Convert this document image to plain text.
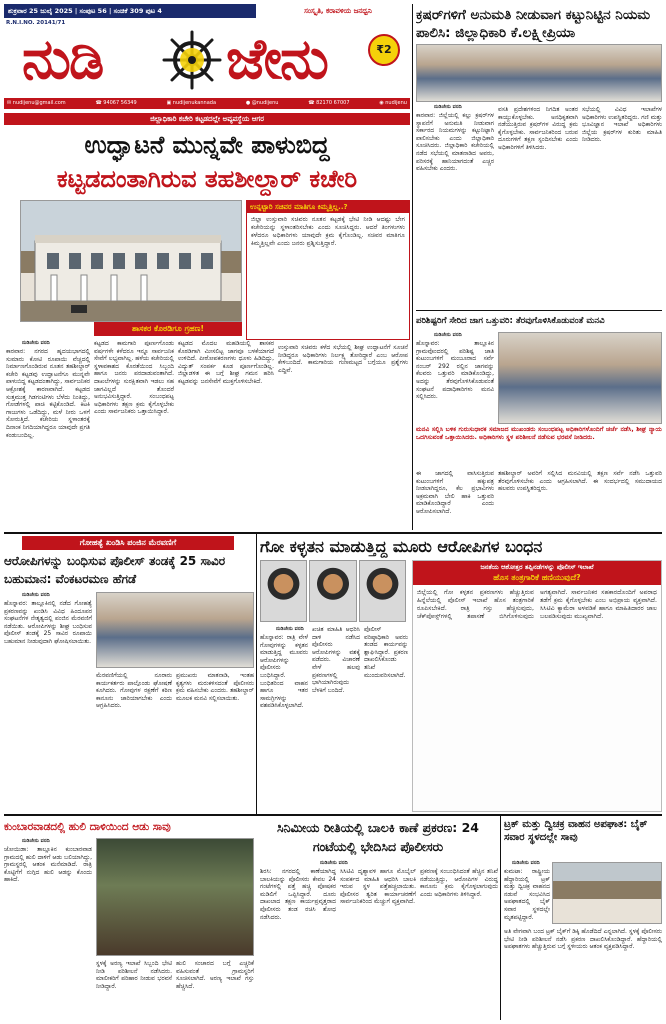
ಶುಕ್ರವಾರ 25 ಜುಲೈ 2025 | ಸಂಪುಟ 56 | ಸಂಚಿಕೆ 309 ಪುಟ 4	ಸಂಸ್ಕೃತಿ, ಕರಾವಳಿಯ ಜನಧ್ವನಿ
R.N.I.NO. 20141/71
ನುಡಿ ಜೇನು	₹2
✉ nudijenu@gmail.com	☎ 94067 56349	▣ nudijenukannada	● @nudijenu	☎ 82170 67007	◉ nudijenu
ಜಿಲ್ಲಾಧಿಕಾರಿ ಕಚೇರಿ ಕಟ್ಟಡದಲ್ಲೇ ಅವ್ಯವಸ್ಥೆಯ ಆಗರ
ಉದ್ಘಾಟನೆ ಮುನ್ನವೇ ಪಾಳುಬಿದ್ದ
ಕಟ್ಟಡದಂತಾಗಿರುವ ತಹಶೀಲ್ದಾರ್ ಕಚೇರಿ
ಶಾಸಕರ ಕೊಠಡಿಗೂ ಗ್ರಹಣ!
ಉನ್ನಟ್ಟಾರಿ ಸಚಿವರ ಮಾತಿಗೂ ಕಿಮ್ಮತ್ತಿಲ್ಲ..?
ಜಿಲ್ಲಾ ಉಸ್ತುವಾರಿ ಸಚಿವರು ನೂತನ ಕಟ್ಟಡಕ್ಕೆ ಭೇಟಿ ನೀಡಿ ಆದಷ್ಟು ಬೇಗ ಕಚೇರಿಯನ್ನು ಸ್ಥಳಾಂತರಿಸಬೇಕು ಎಂದು ಸೂಚಿಸಿದ್ದರು. ಆದರೆ ತಿಂಗಳುಗಳು ಕಳೆದರೂ ಅಧಿಕಾರಿಗಳು ಯಾವುದೇ ಕ್ರಮ ಕೈಗೊಂಡಿಲ್ಲ. ಸಚಿವರ ಮಾತಿಗೂ ಕಿಮ್ಮತ್ತಿಲ್ಲವೇ ಎಂದು ಜನರು ಪ್ರಶ್ನಿಸುತ್ತಿದ್ದಾರೆ.
ನುಡಿಜೇನು ವರದಿ
ಕಾರವಾರ: ನಗರದ ಹೃದಯಭಾಗದಲ್ಲಿ ಸುಮಾರು ಕೋಟಿ ರೂಪಾಯಿ ವೆಚ್ಚದಲ್ಲಿ ನಿರ್ಮಾಣಗೊಂಡಿರುವ ನೂತನ ತಹಶೀಲ್ದಾರ್ ಕಚೇರಿ ಕಟ್ಟಡವು ಉದ್ಘಾಟನೆಗೂ ಮುನ್ನವೇ ಪಾಳುಬಿದ್ದ ಕಟ್ಟಡದಂತಾಗಿದ್ದು, ಸಾರ್ವಜನಿಕರ ಆಕ್ರೋಶಕ್ಕೆ ಕಾರಣವಾಗಿದೆ. ಕಟ್ಟಡದ ಸುತ್ತಮುತ್ತ ಗಿಡಗಂಟಿಗಳು ಬೆಳೆದು ನಿಂತಿದ್ದು, ಗೋಡೆಗಳಲ್ಲಿ ಪಾಚಿ ಕಟ್ಟಿಕೊಂಡಿದೆ. ಕಿಟಕಿ ಗಾಜುಗಳು ಒಡೆದಿದ್ದು, ಮಳೆ ನೀರು ಒಳಗೆ ಸೋರುತ್ತಿದೆ. ಕಚೇರಿಯ ಸ್ಥಳಾಂತರಕ್ಕೆ ದಿನಾಂಕ ನಿಗದಿಯಾಗಿದ್ದರೂ ಯಾವುದೇ ಪ್ರಗತಿ ಕಂಡುಬಂದಿಲ್ಲ.
ಕಟ್ಟಡದ ಕಾಮಗಾರಿ ಪೂರ್ಣಗೊಂಡು ವರ್ಷಗಳೇ ಕಳೆದರೂ ಇನ್ನೂ ಸಾರ್ವಜನಿಕ ಸೇವೆಗೆ ಲಭ್ಯವಾಗಿಲ್ಲ. ಹಳೆಯ ಕಚೇರಿಯಲ್ಲಿ ಸ್ಥಳಾವಕಾಶದ ಕೊರತೆಯಿಂದ ಸಿಬ್ಬಂದಿ ಹಾಗೂ ಜನರು ಪರದಾಡುವಂತಾಗಿದೆ. ದಾಖಲೆಗಳನ್ನು ಸುರಕ್ಷಿತವಾಗಿ ಇಡಲು ಸಹ ಜಾಗವಿಲ್ಲದೆ ತೊಂದರೆ ಅನುಭವಿಸುತ್ತಿದ್ದಾರೆ. ಸಂಬಂಧಪಟ್ಟ ಅಧಿಕಾರಿಗಳು ತಕ್ಷಣ ಕ್ರಮ ಕೈಗೊಳ್ಳಬೇಕು ಎಂದು ಸಾರ್ವಜನಿಕರು ಒತ್ತಾಯಿಸಿದ್ದಾರೆ.
ಕಟ್ಟಡದ ಮೊದಲ ಮಹಡಿಯಲ್ಲಿ ಶಾಸಕರ ಕೊಠಡಿಗಾಗಿ ಮೀಸಲಿಟ್ಟ ಜಾಗವೂ ಬಳಕೆಯಾಗದೆ ಉಳಿದಿದೆ. ಪೀಠೋಪಕರಣಗಳು ಧೂಳು ಹಿಡಿದಿದ್ದು, ವಿದ್ಯುತ್ ಸಂಪರ್ಕ ಕೂಡ ಪೂರ್ಣಗೊಂಡಿಲ್ಲ. ಜಿಲ್ಲಾಡಳಿತ ಈ ಬಗ್ಗೆ ಶೀಘ್ರ ಗಮನ ಹರಿಸಿ ಕಟ್ಟಡವನ್ನು ಜನಸೇವೆಗೆ ಮುಕ್ತಗೊಳಿಸಬೇಕಿದೆ.
ಉಸ್ತುವಾರಿ ಸಚಿವರು ಕಳೆದ ಸಭೆಯಲ್ಲಿ ಶೀಘ್ರ ಉದ್ಘಾಟನೆಗೆ ಸೂಚನೆ ನೀಡಿದ್ದರೂ ಅಧಿಕಾರಿಗಳು ನಿರ್ಲಕ್ಷ್ಯ ತೋರಿದ್ದಾರೆ ಎಂಬ ಆರೋಪ ಕೇಳಿಬಂದಿದೆ. ಕಾಮಗಾರಿಯ ಗುಣಮಟ್ಟದ ಬಗ್ಗೆಯೂ ಪ್ರಶ್ನೆಗಳು ಎದ್ದಿವೆ.
ಕ್ರಷರ್‌ಗಳಿಗೆ ಅನುಮತಿ ನೀಡುವಾಗ ಕಟ್ಟುನಿಟ್ಟಿನ ನಿಯಮ ಪಾಲಿಸಿ: ಜಿಲ್ಲಾಧಿಕಾರಿ ಕೆ.ಲಕ್ಷ್ಮೀಪ್ರಿಯಾ
ನುಡಿಜೇನು ವರದಿ
ಕಾರವಾರ: ಜಿಲ್ಲೆಯಲ್ಲಿ ಕಲ್ಲು ಕ್ರಷರ್‌ಗಳ ಸ್ಥಾಪನೆಗೆ ಅನುಮತಿ ನೀಡುವಾಗ ಸರ್ಕಾರದ ನಿಯಮಗಳನ್ನು ಕಟ್ಟುನಿಟ್ಟಾಗಿ ಪಾಲಿಸಬೇಕು ಎಂದು ಜಿಲ್ಲಾಧಿಕಾರಿ ಸೂಚಿಸಿದರು. ಜಿಲ್ಲಾಧಿಕಾರಿ ಕಚೇರಿಯಲ್ಲಿ ನಡೆದ ಸಭೆಯಲ್ಲಿ ಮಾತನಾಡಿದ ಅವರು, ಪರಿಸರಕ್ಕೆ ಹಾನಿಯಾಗದಂತೆ ಎಚ್ಚರ ವಹಿಸಬೇಕು ಎಂದರು.
ವಸತಿ ಪ್ರದೇಶಗಳಿಂದ ನಿಗದಿತ ಅಂತರ ಕಾಯ್ದುಕೊಳ್ಳಬೇಕು. ಅನಧಿಕೃತವಾಗಿ ನಡೆಯುತ್ತಿರುವ ಕ್ರಷರ್‌ಗಳ ವಿರುದ್ಧ ಕ್ರಮ ಕೈಗೊಳ್ಳಬೇಕು. ಸಾರ್ವಜನಿಕರಿಂದ ಬರುವ ದೂರುಗಳಿಗೆ ತಕ್ಷಣ ಸ್ಪಂದಿಸಬೇಕು ಎಂದು ಅಧಿಕಾರಿಗಳಿಗೆ ತಿಳಿಸಿದರು.
ಸಭೆಯಲ್ಲಿ ವಿವಿಧ ಇಲಾಖೆಗಳ ಅಧಿಕಾರಿಗಳು ಉಪಸ್ಥಿತರಿದ್ದರು. ಗಣಿ ಮತ್ತು ಭೂವಿಜ್ಞಾನ ಇಲಾಖೆ ಅಧಿಕಾರಿಗಳು ಜಿಲ್ಲೆಯ ಕ್ರಷರ್‌ಗಳ ಕುರಿತು ಮಾಹಿತಿ ನೀಡಿದರು.
ಪರಿಶಿಷ್ಟರಿಗೆ ಸೇರಿದ ಜಾಗ ಒತ್ತುವರಿ: ತೆರವುಗೊಳಿಸಿಕೊಡುವಂತೆ ಮನವಿ
ನುಡಿಜೇನು ವರದಿ
ಹೊನ್ನಾವರ: ತಾಲ್ಲೂಕಿನ ಗ್ರಾಮವೊಂದರಲ್ಲಿ ಪರಿಶಿಷ್ಟ ಜಾತಿ ಕುಟುಂಬಗಳಿಗೆ ಮಂಜೂರಾದ ಸರ್ವೆ ನಂಬರ್ 292 ರಲ್ಲಿನ ಜಾಗವನ್ನು ಕೆಲವರು ಒತ್ತುವರಿ ಮಾಡಿಕೊಂಡಿದ್ದು, ಅದನ್ನು ತೆರವುಗೊಳಿಸಿಕೊಡುವಂತೆ ಸಂಘಟನೆ ಪದಾಧಿಕಾರಿಗಳು ಮನವಿ ಸಲ್ಲಿಸಿದರು.
ಮನವಿ ಸಲ್ಲಿಸಿ ಬಳಿಕ ಗುರುಸುಧಾರಕ ಸಮಾಜದ ಮುಖಂಡರು ಸಂಬಂಧಪಟ್ಟ ಅಧಿಕಾರಿಗಳೊಂದಿಗೆ ಚರ್ಚೆ ನಡೆಸಿ, ಶೀಘ್ರ ನ್ಯಾಯ ಒದಗಿಸುವಂತೆ ಒತ್ತಾಯಿಸಿದರು. ಅಧಿಕಾರಿಗಳು ಸ್ಥಳ ಪರಿಶೀಲನೆ ನಡೆಸುವ ಭರವಸೆ ನೀಡಿದರು.
ಈ ಜಾಗದಲ್ಲಿ ವಾಸಿಸುತ್ತಿರುವ ಕುಟುಂಬಗಳಿಗೆ ಹಕ್ಕುಪತ್ರ ನೀಡಲಾಗಿದ್ದರೂ, ಕೆಲ ಪ್ರಭಾವಿಗಳು ಅಕ್ರಮವಾಗಿ ಬೇಲಿ ಹಾಕಿ ಒತ್ತುವರಿ ಮಾಡಿಕೊಂಡಿದ್ದಾರೆ ಎಂದು ಆರೋಪಿಸಲಾಗಿದೆ.
ತಹಶೀಲ್ದಾರ್ ಅವರಿಗೆ ಸಲ್ಲಿಸಿದ ಮನವಿಯಲ್ಲಿ ತಕ್ಷಣ ಸರ್ವೆ ನಡೆಸಿ ಒತ್ತುವರಿ ತೆರವುಗೊಳಿಸಬೇಕು ಎಂದು ಆಗ್ರಹಿಸಲಾಗಿದೆ. ಈ ಸಂದರ್ಭದಲ್ಲಿ ಸಮುದಾಯದ ಹಲವರು ಉಪಸ್ಥಿತರಿದ್ದರು.
ಗೋಹತ್ಯೆ ಖಂಡಿಸಿ ಪಂಜಿನ ಮೆರವಣಿಗೆ
ಆರೋಪಿಗಳನ್ನು ಬಂಧಿಸುವ ಪೊಲೀಸ್ ತಂಡಕ್ಕೆ 25 ಸಾವಿರ ಬಹುಮಾನ: ವೆಂಕಟರಮಣ ಹೆಗಡೆ
ನುಡಿಜೇನು ವರದಿ
ಹೊನ್ನಾವರ: ತಾಲ್ಲೂಕಿನಲ್ಲಿ ನಡೆದ ಗೋಹತ್ಯೆ ಪ್ರಕರಣವನ್ನು ಖಂಡಿಸಿ ವಿವಿಧ ಹಿಂದೂಪರ ಸಂಘಟನೆಗಳ ನೇತೃತ್ವದಲ್ಲಿ ಪಂಜಿನ ಮೆರವಣಿಗೆ ನಡೆಯಿತು. ಆರೋಪಿಗಳನ್ನು ಶೀಘ್ರ ಬಂಧಿಸುವ ಪೊಲೀಸ್ ತಂಡಕ್ಕೆ 25 ಸಾವಿರ ರೂಪಾಯಿ ಬಹುಮಾನ ನೀಡುವುದಾಗಿ ಘೋಷಿಸಲಾಯಿತು.
ಮೆರವಣಿಗೆಯಲ್ಲಿ ನೂರಾರು ಕಾರ್ಯಕರ್ತರು ಪಾಲ್ಗೊಂಡು ಘೋಷಣೆ ಕೂಗಿದರು. ಗೋವುಗಳ ರಕ್ಷಣೆಗೆ ಕಠಿಣ ಕಾನೂನು ಜಾರಿಯಾಗಬೇಕು ಎಂದು ಆಗ್ರಹಿಸಿದರು.
ಪ್ರಮುಖರು ಮಾತನಾಡಿ, ಇಂತಹ ಕೃತ್ಯಗಳು ಮರುಕಳಿಸದಂತೆ ಪೊಲೀಸರು ಕ್ರಮ ವಹಿಸಬೇಕು ಎಂದರು. ತಹಶೀಲ್ದಾರ್ ಮೂಲಕ ಮನವಿ ಸಲ್ಲಿಸಲಾಯಿತು.
ಗೋ ಕಳ್ಳತನ ಮಾಡುತ್ತಿದ್ದ ಮೂರು ಆರೋಪಿಗಳ ಬಂಧನ
ನುಡಿಜೇನು ವರದಿ
ಹೊನ್ನಾವರ: ರಾತ್ರಿ ವೇಳೆ ಗೋವುಗಳನ್ನು ಕಳ್ಳತನ ಮಾಡುತ್ತಿದ್ದ ಮೂವರು ಆರೋಪಿಗಳನ್ನು ಪೊಲೀಸರು ಬಂಧಿಸಿದ್ದಾರೆ. ಬಂಧಿತರಿಂದ ವಾಹನ ಹಾಗೂ ಇತರ ಸಾಮಗ್ರಿಗಳನ್ನು ವಶಪಡಿಸಿಕೊಳ್ಳಲಾಗಿದೆ.
ಖಚಿತ ಮಾಹಿತಿ ಆಧರಿಸಿ ದಾಳಿ ನಡೆಸಿದ ಪೊಲೀಸರು ಆರೋಪಿಗಳನ್ನು ವಶಕ್ಕೆ ಪಡೆದರು. ವಿಚಾರಣೆ ವೇಳೆ ಹಲವು ಪ್ರಕರಣಗಳಲ್ಲಿ ಭಾಗಿಯಾಗಿರುವುದು ಬೆಳಕಿಗೆ ಬಂದಿದೆ.
ಪೊಲೀಸ್ ವರಿಷ್ಠಾಧಿಕಾರಿ ಅವರು ತಂಡದ ಕಾರ್ಯವನ್ನು ಶ್ಲಾಘಿಸಿದ್ದಾರೆ. ಪ್ರಕರಣ ದಾಖಲಿಸಿಕೊಂಡು ತನಿಖೆ ಮುಂದುವರಿಸಲಾಗಿದೆ.
ಜನತೆಯ ಆಶೋತ್ತರ ತಪ್ಪಿನಡೆಗಳನ್ನು ಪೊಲೀಸ್ ಇಲಾಖೆ
ಹೊಸ ತಂತ್ರಗಾರಿಕೆ ಹಣಿಯುವುದೆ?
ಜಿಲ್ಲೆಯಲ್ಲಿ ಗೋ ಕಳ್ಳತನ ಪ್ರಕರಣಗಳು ಹೆಚ್ಚುತ್ತಿರುವ ಹಿನ್ನೆಲೆಯಲ್ಲಿ ಪೊಲೀಸ್ ಇಲಾಖೆ ಹೊಸ ತಂತ್ರಗಾರಿಕೆ ರೂಪಿಸಬೇಕಿದೆ. ರಾತ್ರಿ ಗಸ್ತು ಹೆಚ್ಚಿಸುವುದು, ಚೆಕ್‌ಪೋಸ್ಟ್‌ಗಳಲ್ಲಿ ತಪಾಸಣೆ ಬಿಗಿಗೊಳಿಸುವುದು ಅಗತ್ಯವಾಗಿದೆ. ಸಾರ್ವಜನಿಕರ ಸಹಕಾರದೊಂದಿಗೆ ಅಪರಾಧ ತಡೆಗೆ ಕ್ರಮ ಕೈಗೊಳ್ಳಬೇಕು ಎಂಬ ಅಭಿಪ್ರಾಯ ವ್ಯಕ್ತವಾಗಿದೆ. ಸಿಸಿಟಿವಿ ಕ್ಯಾಮೆರಾ ಅಳವಡಿಕೆ ಹಾಗೂ ಮಾಹಿತಿದಾರರ ಜಾಲ ಬಲಪಡಿಸುವುದು ಮುಖ್ಯವಾಗಿದೆ.
ಸಿನಿಮೀಯ ರೀತಿಯಲ್ಲಿ ಬಾಲಕಿ ಕಾಣೆ ಪ್ರಕರಣ: 24 ಗಂಟೆಯಲ್ಲಿ ಭೇದಿಸಿದ ಪೊಲೀಸರು
ನುಡಿಜೇನು ವರದಿ
ಶಿರಸಿ: ನಗರದಲ್ಲಿ ಕಾಣೆಯಾಗಿದ್ದ ಬಾಲಕಿಯನ್ನು ಪೊಲೀಸರು ಕೇವಲ 24 ಗಂಟೆಗಳಲ್ಲಿ ಪತ್ತೆ ಹಚ್ಚಿ ಪೋಷಕರ ಮಡಿಲಿಗೆ ಒಪ್ಪಿಸಿದ್ದಾರೆ. ದೂರು ದಾಖಲಾದ ತಕ್ಷಣ ಕಾರ್ಯಪ್ರವೃತ್ತರಾದ ಪೊಲೀಸರು ತಂಡ ರಚಿಸಿ ಶೋಧ ನಡೆಸಿದರು.
ಸಿಸಿಟಿವಿ ದೃಶ್ಯಾವಳಿ ಹಾಗೂ ಮೊಬೈಲ್ ಸಂಪರ್ಕದ ಮಾಹಿತಿ ಆಧರಿಸಿ ಬಾಲಕಿ ಇರುವ ಸ್ಥಳ ಪತ್ತೆಹಚ್ಚಲಾಯಿತು. ಪೊಲೀಸರ ತ್ವರಿತ ಕಾರ್ಯಾಚರಣೆಗೆ ಸಾರ್ವಜನಿಕರಿಂದ ಮೆಚ್ಚುಗೆ ವ್ಯಕ್ತವಾಗಿದೆ.
ಪ್ರಕರಣಕ್ಕೆ ಸಂಬಂಧಿಸಿದಂತೆ ಹೆಚ್ಚಿನ ತನಿಖೆ ನಡೆಯುತ್ತಿದ್ದು, ಆರೋಪಿಗಳ ವಿರುದ್ಧ ಕಾನೂನು ಕ್ರಮ ಕೈಗೊಳ್ಳಲಾಗುವುದು ಎಂದು ಅಧಿಕಾರಿಗಳು ತಿಳಿಸಿದ್ದಾರೆ.
ಟ್ರಕ್ ಮತ್ತು ದ್ವಿಚಕ್ರ ವಾಹನ ಅಪಘಾತ: ಬೈಕ್ ಸವಾರ ಸ್ಥಳದಲ್ಲೇ ಸಾವು
ನುಡಿಜೇನು ವರದಿ
ಕುಮಟಾ: ರಾಷ್ಟ್ರೀಯ ಹೆದ್ದಾರಿಯಲ್ಲಿ ಟ್ರಕ್ ಮತ್ತು ದ್ವಿಚಕ್ರ ವಾಹನದ ನಡುವೆ ಸಂಭವಿಸಿದ ಅಪಘಾತದಲ್ಲಿ ಬೈಕ್ ಸವಾರ ಸ್ಥಳದಲ್ಲೇ ಮೃತಪಟ್ಟಿದ್ದಾರೆ.
ಅತಿ ವೇಗವಾಗಿ ಬಂದ ಟ್ರಕ್ ಬೈಕ್‌ಗೆ ಡಿಕ್ಕಿ ಹೊಡೆದಿದೆ ಎನ್ನಲಾಗಿದೆ. ಸ್ಥಳಕ್ಕೆ ಪೊಲೀಸರು ಭೇಟಿ ನೀಡಿ ಪರಿಶೀಲನೆ ನಡೆಸಿ ಪ್ರಕರಣ ದಾಖಲಿಸಿಕೊಂಡಿದ್ದಾರೆ. ಹೆದ್ದಾರಿಯಲ್ಲಿ ಅಪಘಾತಗಳು ಹೆಚ್ಚುತ್ತಿರುವ ಬಗ್ಗೆ ಸ್ಥಳೀಯರು ಆತಂಕ ವ್ಯಕ್ತಪಡಿಸಿದ್ದಾರೆ.
ಕುಂಬಾರವಾಡದಲ್ಲಿ ಹುಲಿ ದಾಳಿಯಿಂದ ಆಡು ಸಾವು
ನುಡಿಜೇನು ವರದಿ
ಜೋಯಿಡಾ: ತಾಲ್ಲೂಕಿನ ಕುಂಬಾರವಾಡ ಗ್ರಾಮದಲ್ಲಿ ಹುಲಿ ದಾಳಿಗೆ ಆಡು ಬಲಿಯಾಗಿದ್ದು, ಗ್ರಾಮಸ್ಥರಲ್ಲಿ ಆತಂಕ ಮನೆಮಾಡಿದೆ. ರಾತ್ರಿ ಕೊಟ್ಟಿಗೆಗೆ ನುಗ್ಗಿದ ಹುಲಿ ಆಡನ್ನು ಕೊಂದು ಹಾಕಿದೆ.
ಸ್ಥಳಕ್ಕೆ ಅರಣ್ಯ ಇಲಾಖೆ ಸಿಬ್ಬಂದಿ ಭೇಟಿ ನೀಡಿ ಪರಿಶೀಲನೆ ನಡೆಸಿದರು. ಮಾಲೀಕರಿಗೆ ಪರಿಹಾರ ನೀಡುವ ಭರವಸೆ ನೀಡಿದ್ದಾರೆ.
ಹುಲಿ ಸಂಚಾರದ ಬಗ್ಗೆ ಎಚ್ಚರಿಕೆ ವಹಿಸುವಂತೆ ಗ್ರಾಮಸ್ಥರಿಗೆ ಸೂಚಿಸಲಾಗಿದೆ. ಅರಣ್ಯ ಇಲಾಖೆ ಗಸ್ತು ಹೆಚ್ಚಿಸಿದೆ.
